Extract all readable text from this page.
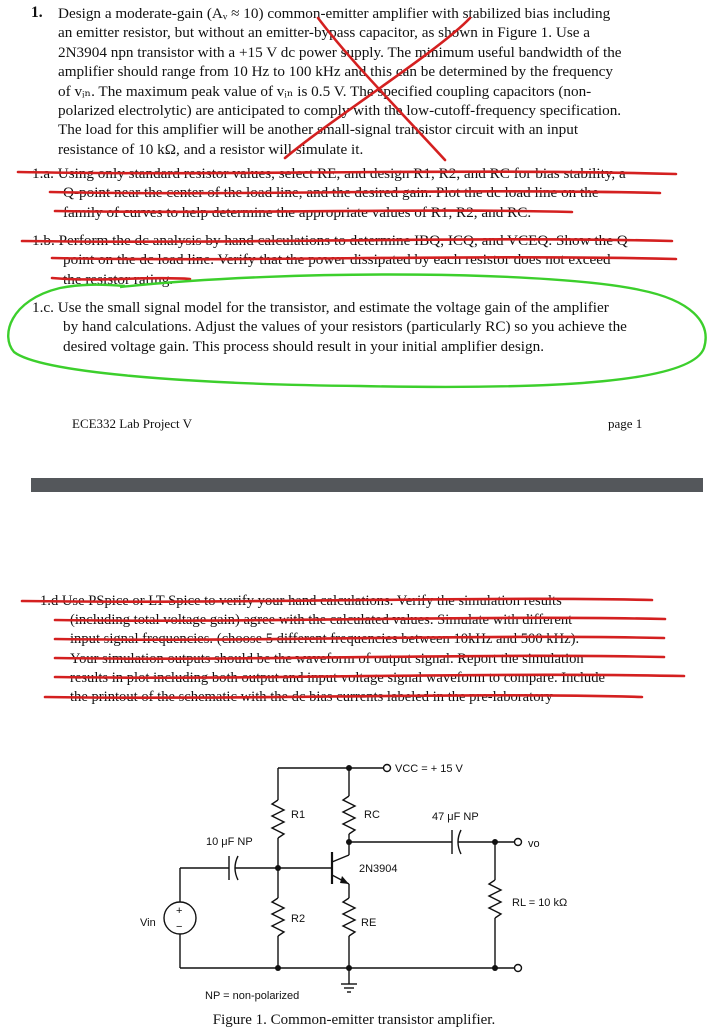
1. Design a moderate-gain (Aᵥ ≈ 10) common-emitter amplifier with stabilized bias including
an emitter resistor, but without an emitter-bypass capacitor, as shown in Figure 1. Use a
2N3904 npn transistor with a +15 V dc power supply. The minimum useful bandwidth of the
amplifier should range from 10 Hz to 100 kHz and this can be determined by the frequency
of vᵢₙ. The maximum peak value of vᵢₙ is 0.5 V. The specified coupling capacitors (non-
polarized electrolytic) are anticipated to comply with the low-cutoff-frequency specification.
The load for this amplifier will be another small-signal transistor circuit with an input
resistance of 10 kΩ, and a resistor will simulate it.
1.a. Using only standard resistor values, select RE, and design R1, R2, and RC for bias stability, a
Q-point near the center of the load line, and the desired gain. Plot the dc load line on the
family of curves to help determine the appropriate values of R1, R2, and RC.
1.b. Perform the dc analysis by hand calculations to determine IBQ, ICQ, and VCEQ. Show the Q
point on the dc load line. Verify that the power dissipated by each resistor does not exceed
the resistor rating.
1.c. Use the small signal model for the transistor, and estimate the voltage gain of the amplifier
by hand calculations. Adjust the values of your resistors (particularly RC) so you achieve the
desired voltage gain. This process should result in your initial amplifier design.
ECE332 Lab Project V	page 1
1.d Use PSpice or LT Spice to verify your hand calculations. Verify the simulation results
(including total voltage gain) agree with the calculated values. Simulate with different
input signal frequencies. (choose 5 different frequencies between 10kHz and 500 kHz).
Your simulation outputs should be the waveform of output signal. Report the simulation
results in plot including both output and input voltage signal waveform to compare. Include
the printout of the schematic with the dc bias currents labeled in the pre-laboratory
VCC = + 15 V
R1	RC	47 μF NP
10 μF NP
2N3904
vo
RL = 10 kΩ
R2	RE
Vin
+
−
NP = non-polarized
Figure 1. Common-emitter transistor amplifier.
